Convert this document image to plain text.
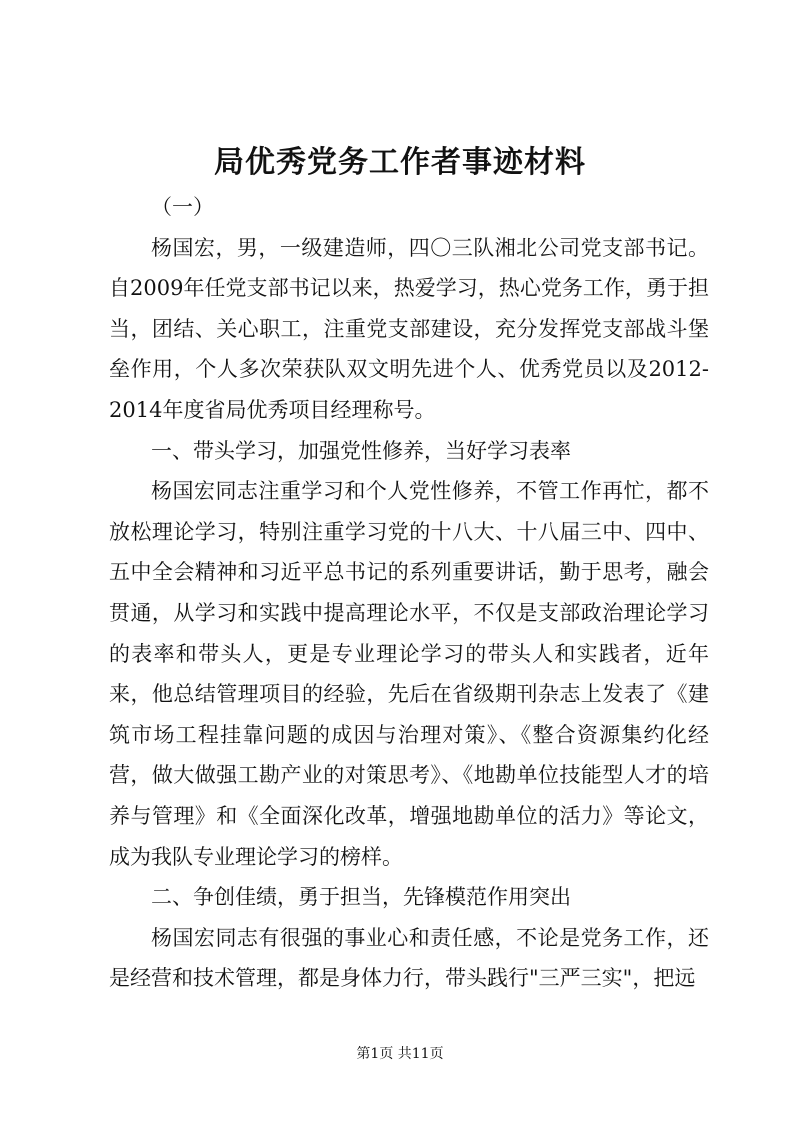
局优秀党务工作者事迹材料

（一）

杨国宏，男，一级建造师，四〇三队湘北公司党支部书记。自2009年任党支部书记以来，热爱学习，热心党务工作，勇于担当，团结、关心职工，注重党支部建设，充分发挥党支部战斗堡垒作用，个人多次荣获队双文明先进个人、优秀党员以及2012-2014年度省局优秀项目经理称号。

一、带头学习，加强党性修养，当好学习表率

杨国宏同志注重学习和个人党性修养，不管工作再忙，都不放松理论学习，特别注重学习党的十八大、十八届三中、四中、五中全会精神和习近平总书记的系列重要讲话，勤于思考，融会贯通，从学习和实践中提高理论水平，不仅是支部政治理论学习的表率和带头人，更是专业理论学习的带头人和实践者，近年来，他总结管理项目的经验，先后在省级期刊杂志上发表了《建筑市场工程挂靠问题的成因与治理对策》、《整合资源集约化经营，做大做强工勘产业的对策思考》、《地勘单位技能型人才的培养与管理》和《全面深化改革，增强地勘单位的活力》等论文，成为我队专业理论学习的榜样。

二、争创佳绩，勇于担当，先锋模范作用突出

杨国宏同志有很强的事业心和责任感，不论是党务工作，还是经营和技术管理，都是身体力行，带头践行"三严三实"，把远

第1页 共11页
